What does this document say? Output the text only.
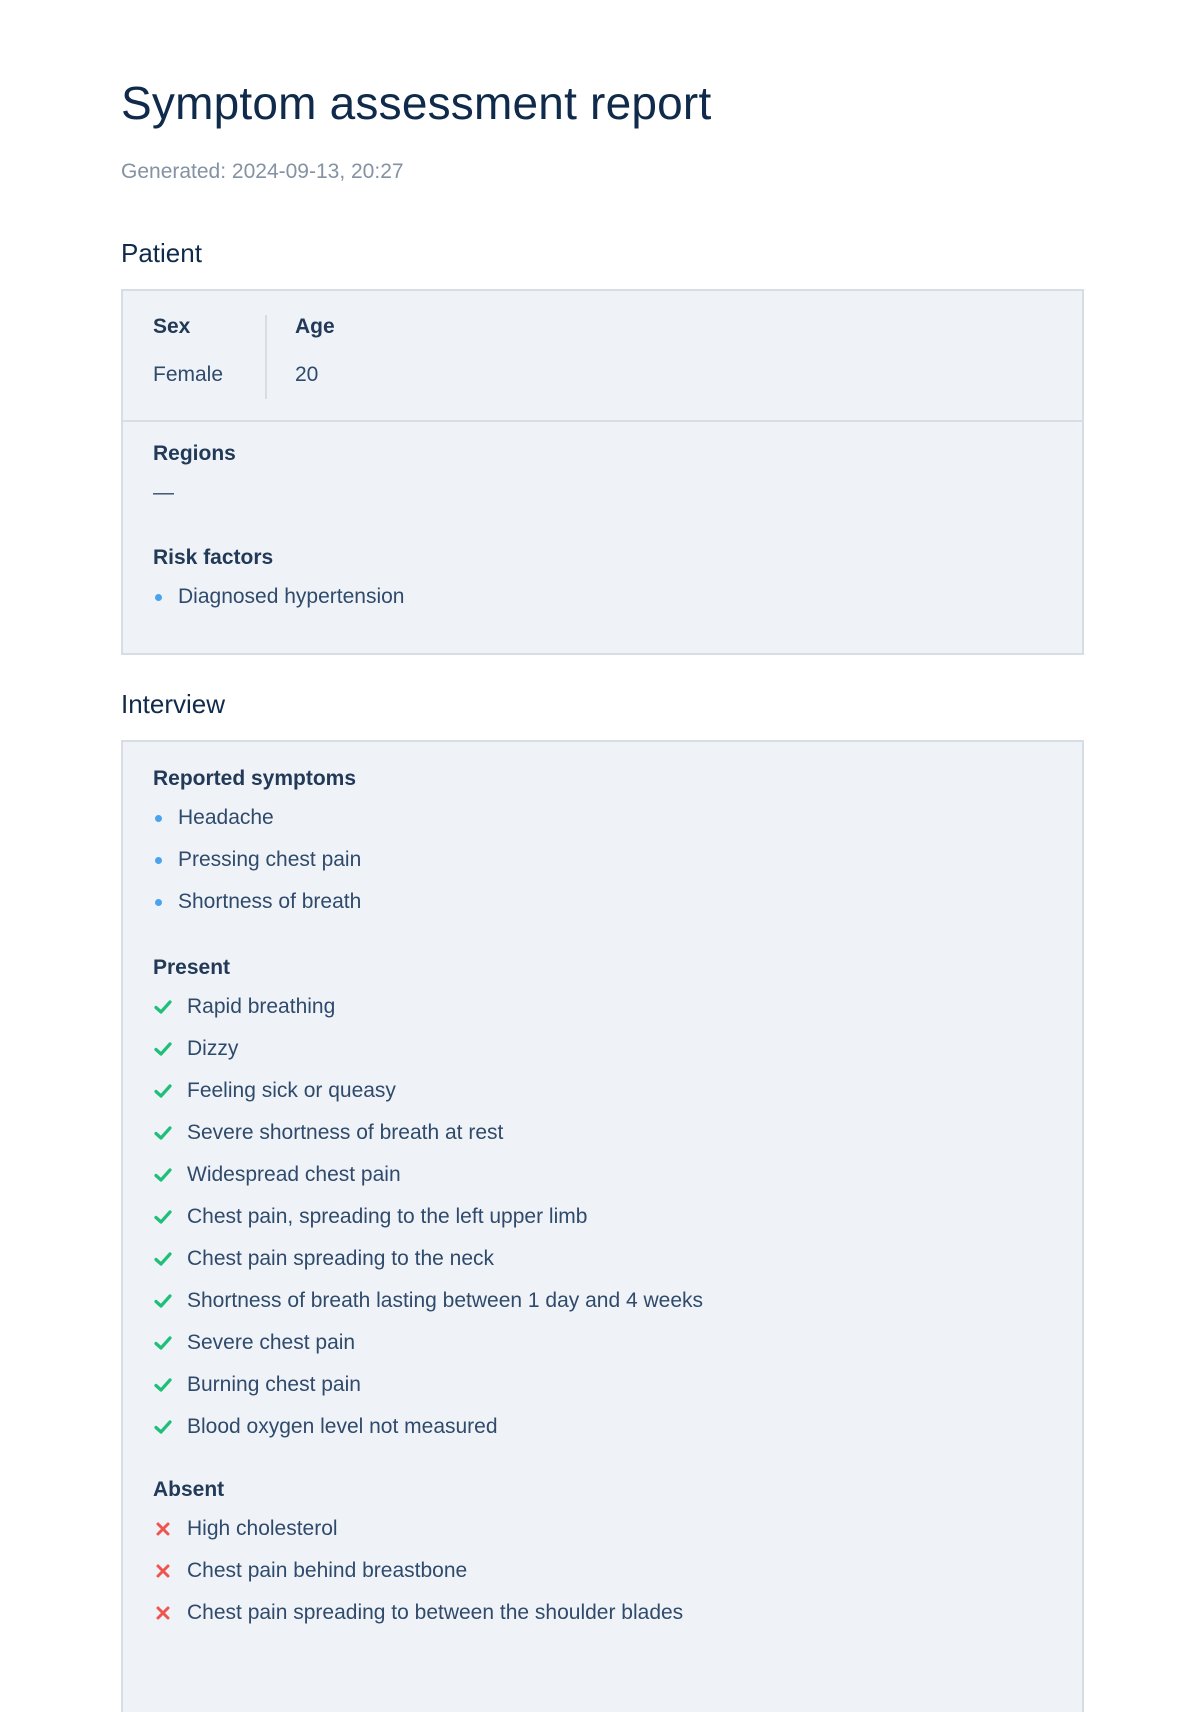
Symptom assessment report
Generated: 2024-09-13, 20:27
Patient
Sex
Female
Age
20
Regions
—
Risk factors
Diagnosed hypertension
Interview
Reported symptoms
Headache
Pressing chest pain
Shortness of breath
Present
Rapid breathing
Dizzy
Feeling sick or queasy
Severe shortness of breath at rest
Widespread chest pain
Chest pain, spreading to the left upper limb
Chest pain spreading to the neck
Shortness of breath lasting between 1 day and 4 weeks
Severe chest pain
Burning chest pain
Blood oxygen level not measured
Absent
High cholesterol
Chest pain behind breastbone
Chest pain spreading to between the shoulder blades
